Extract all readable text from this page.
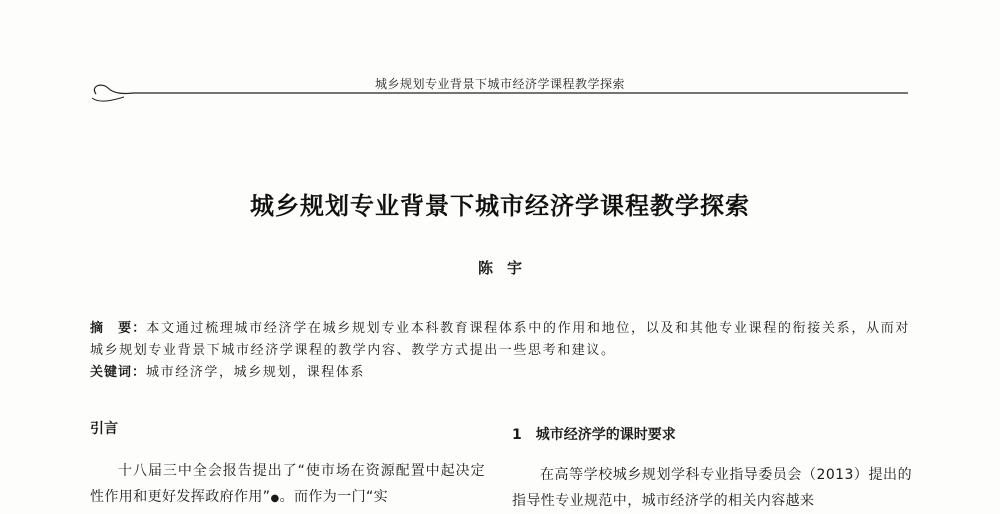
城乡规划专业背景下城市经济学课程教学探索
城乡规划专业背景下城市经济学课程教学探索
陈宇

摘　要：本文通过梳理城市经济学在城乡规划专业本科教育课程体系中的作用和地位，以及和其他专业课程的衔接关系，从而对城乡规划专业背景下城市经济学课程的教学内容、教学方式提出一些思考和建议。

关键词：城市经济学，城乡规划，课程体系

引言

十八届三中全会报告提出了“使市场在资源配置中起决定性作用和更好发挥政府作用”●。而作为一门“实

1 城市经济学的课时要求

在高等学校城乡规划学科专业指导委员会（2013）提出的指导性专业规范中，城市经济学的相关内容越来
